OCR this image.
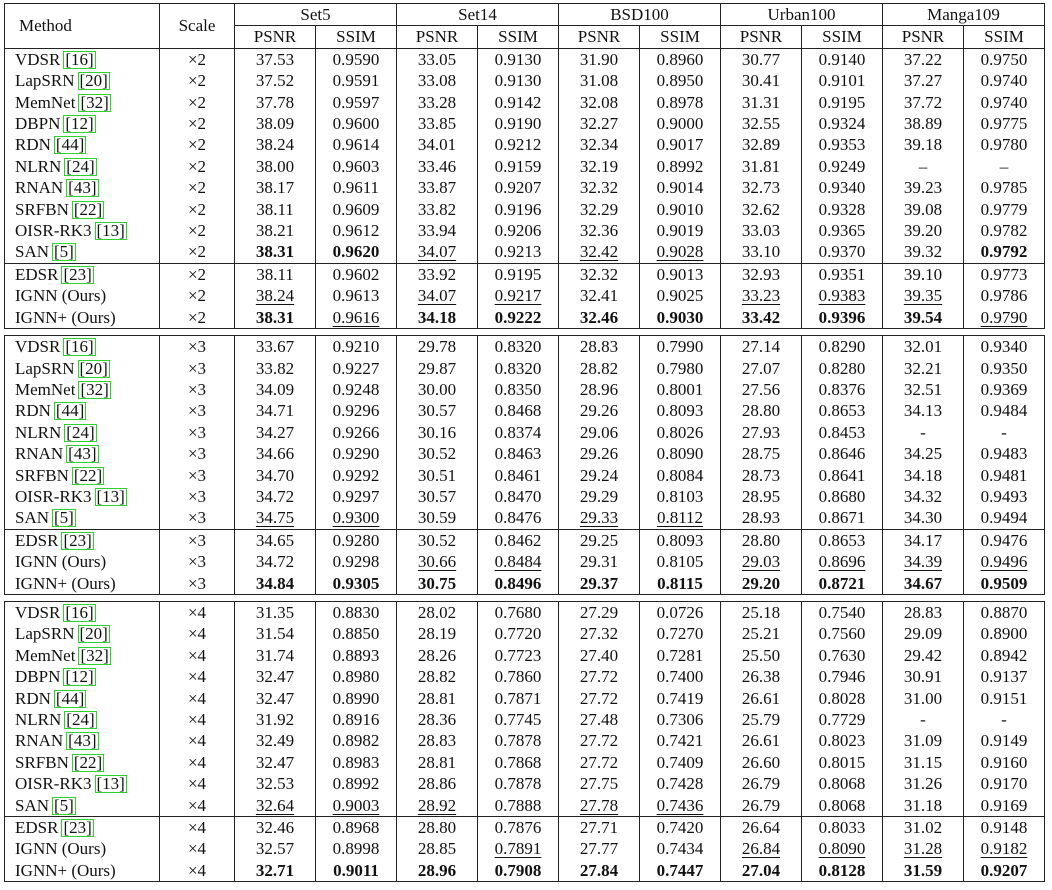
Method	Scale	Set5		Set14		BSD100		Urban100		Manga109	
		PSNR	SSIM	PSNR	SSIM	PSNR	SSIM	PSNR	SSIM	PSNR	SSIM
VDSR [16]	×2	37.53	0.9590	33.05	0.9130	31.90	0.8960	30.77	0.9140	37.22	0.9750
LapSRN [20]	×2	37.52	0.9591	33.08	0.9130	31.08	0.8950	30.41	0.9101	37.27	0.9740
MemNet [32]	×2	37.78	0.9597	33.28	0.9142	32.08	0.8978	31.31	0.9195	37.72	0.9740
DBPN [12]	×2	38.09	0.9600	33.85	0.9190	32.27	0.9000	32.55	0.9324	38.89	0.9775
RDN [44]	×2	38.24	0.9614	34.01	0.9212	32.34	0.9017	32.89	0.9353	39.18	0.9780
NLRN [24]	×2	38.00	0.9603	33.46	0.9159	32.19	0.8992	31.81	0.9249	–	–
RNAN [43]	×2	38.17	0.9611	33.87	0.9207	32.32	0.9014	32.73	0.9340	39.23	0.9785
SRFBN [22]	×2	38.11	0.9609	33.82	0.9196	32.29	0.9010	32.62	0.9328	39.08	0.9779
OISR-RK3 [13]	×2	38.21	0.9612	33.94	0.9206	32.36	0.9019	33.03	0.9365	39.20	0.9782
SAN [5]	×2	38.31	0.9620	34.07	0.9213	32.42	0.9028	33.10	0.9370	39.32	0.9792
EDSR [23]	×2	38.11	0.9602	33.92	0.9195	32.32	0.9013	32.93	0.9351	39.10	0.9773
IGNN (Ours)	×2	38.24	0.9613	34.07	0.9217	32.41	0.9025	33.23	0.9383	39.35	0.9786
IGNN+ (Ours)	×2	38.31	0.9616	34.18	0.9222	32.46	0.9030	33.42	0.9396	39.54	0.9790

VDSR [16]	×3	33.67	0.9210	29.78	0.8320	28.83	0.7990	27.14	0.8290	32.01	0.9340
LapSRN [20]	×3	33.82	0.9227	29.87	0.8320	28.82	0.7980	27.07	0.8280	32.21	0.9350
MemNet [32]	×3	34.09	0.9248	30.00	0.8350	28.96	0.8001	27.56	0.8376	32.51	0.9369
RDN [44]	×3	34.71	0.9296	30.57	0.8468	29.26	0.8093	28.80	0.8653	34.13	0.9484
NLRN [24]	×3	34.27	0.9266	30.16	0.8374	29.06	0.8026	27.93	0.8453	-	-
RNAN [43]	×3	34.66	0.9290	30.52	0.8463	29.26	0.8090	28.75	0.8646	34.25	0.9483
SRFBN [22]	×3	34.70	0.9292	30.51	0.8461	29.24	0.8084	28.73	0.8641	34.18	0.9481
OISR-RK3 [13]	×3	34.72	0.9297	30.57	0.8470	29.29	0.8103	28.95	0.8680	34.32	0.9493
SAN [5]	×3	34.75	0.9300	30.59	0.8476	29.33	0.8112	28.93	0.8671	34.30	0.9494
EDSR [23]	×3	34.65	0.9280	30.52	0.8462	29.25	0.8093	28.80	0.8653	34.17	0.9476
IGNN (Ours)	×3	34.72	0.9298	30.66	0.8484	29.31	0.8105	29.03	0.8696	34.39	0.9496
IGNN+ (Ours)	×3	34.84	0.9305	30.75	0.8496	29.37	0.8115	29.20	0.8721	34.67	0.9509

VDSR [16]	×4	31.35	0.8830	28.02	0.7680	27.29	0.0726	25.18	0.7540	28.83	0.8870
LapSRN [20]	×4	31.54	0.8850	28.19	0.7720	27.32	0.7270	25.21	0.7560	29.09	0.8900
MemNet [32]	×4	31.74	0.8893	28.26	0.7723	27.40	0.7281	25.50	0.7630	29.42	0.8942
DBPN [12]	×4	32.47	0.8980	28.82	0.7860	27.72	0.7400	26.38	0.7946	30.91	0.9137
RDN [44]	×4	32.47	0.8990	28.81	0.7871	27.72	0.7419	26.61	0.8028	31.00	0.9151
NLRN [24]	×4	31.92	0.8916	28.36	0.7745	27.48	0.7306	25.79	0.7729	-	-
RNAN [43]	×4	32.49	0.8982	28.83	0.7878	27.72	0.7421	26.61	0.8023	31.09	0.9149
SRFBN [22]	×4	32.47	0.8983	28.81	0.7868	27.72	0.7409	26.60	0.8015	31.15	0.9160
OISR-RK3 [13]	×4	32.53	0.8992	28.86	0.7878	27.75	0.7428	26.79	0.8068	31.26	0.9170
SAN [5]	×4	32.64	0.9003	28.92	0.7888	27.78	0.7436	26.79	0.8068	31.18	0.9169
EDSR [23]	×4	32.46	0.8968	28.80	0.7876	27.71	0.7420	26.64	0.8033	31.02	0.9148
IGNN (Ours)	×4	32.57	0.8998	28.85	0.7891	27.77	0.7434	26.84	0.8090	31.28	0.9182
IGNN+ (Ours)	×4	32.71	0.9011	28.96	0.7908	27.84	0.7447	27.04	0.8128	31.59	0.9207
